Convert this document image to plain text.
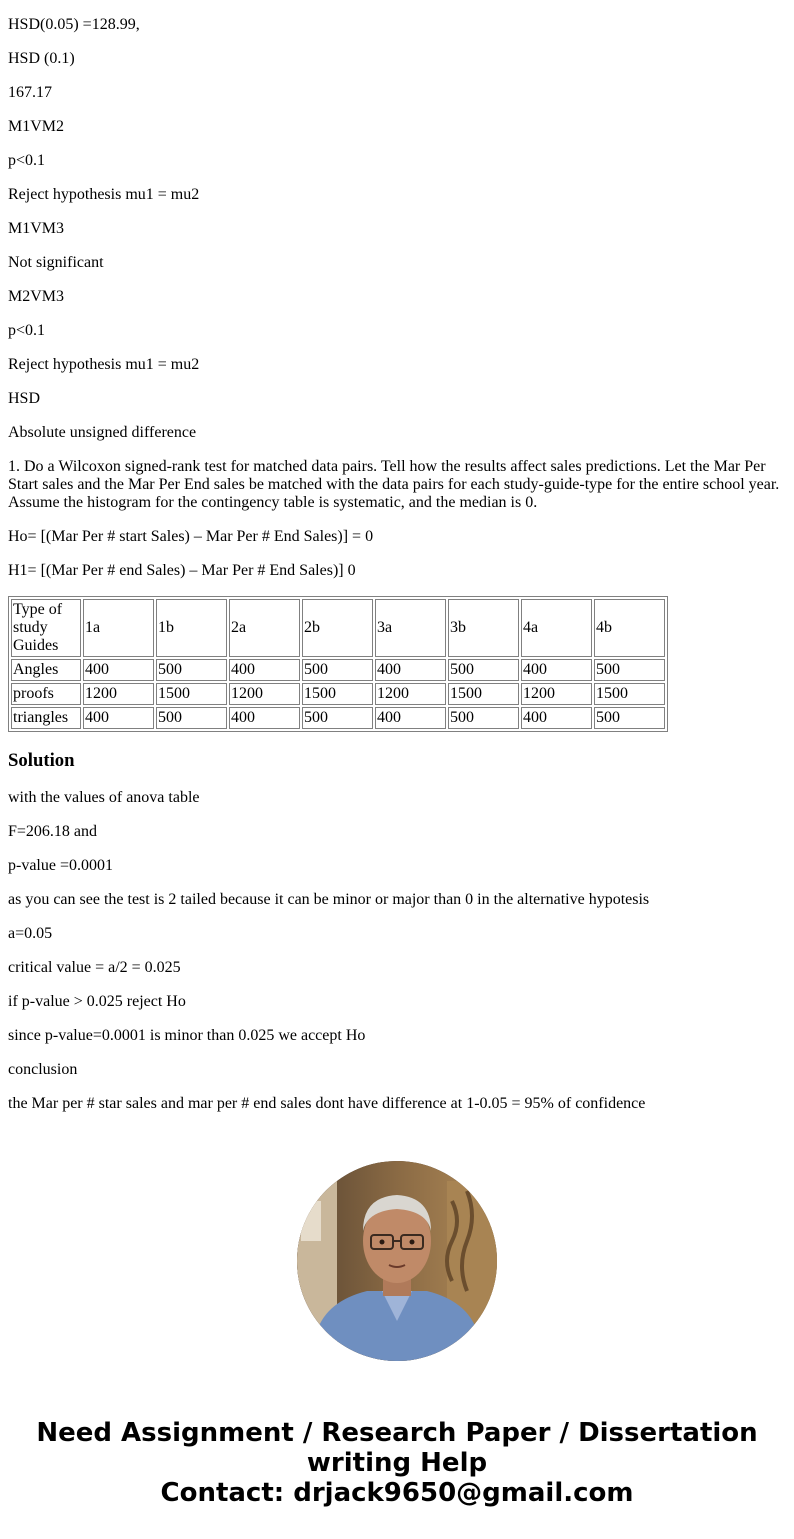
HSD(0.05) =128.99,

HSD (0.1)

167.17

M1VM2

p<0.1

Reject hypothesis mu1 = mu2

M1VM3

Not significant

M2VM3

p<0.1

Reject hypothesis mu1 = mu2

HSD

Absolute unsigned difference

1. Do a Wilcoxon signed-rank test for matched data pairs. Tell how the results affect sales predictions. Let the Mar Per Start sales and the Mar Per End sales be matched with the data pairs for each study-guide-type for the entire school year. Assume the histogram for the contingency table is systematic, and the median is 0.

Ho= [(Mar Per # start Sales) – Mar Per # End Sales)] = 0

H1= [(Mar Per # end Sales) – Mar Per # End Sales)] 0

Type of study Guides	1a	1b	2a	2b	3a	3b	4a	4b
Angles	400	500	400	500	400	500	400	500
proofs	1200	1500	1200	1500	1200	1500	1200	1500
triangles	400	500	400	500	400	500	400	500
Solution

with the values of anova table

F=206.18 and

p-value =0.0001

as you can see the test is 2 tailed because it can be minor or major than 0 in the alternative hypotesis

a=0.05

critical value = a/2 = 0.025

if p-value > 0.025 reject Ho

since p-value=0.0001 is minor than 0.025 we accept Ho

conclusion

the Mar per # star sales and mar per # end sales dont have difference at 1-0.05 = 95% of confidence

Need Assignment / Research Paper / Dissertation
writing Help
Contact: drjack9650@gmail.com
